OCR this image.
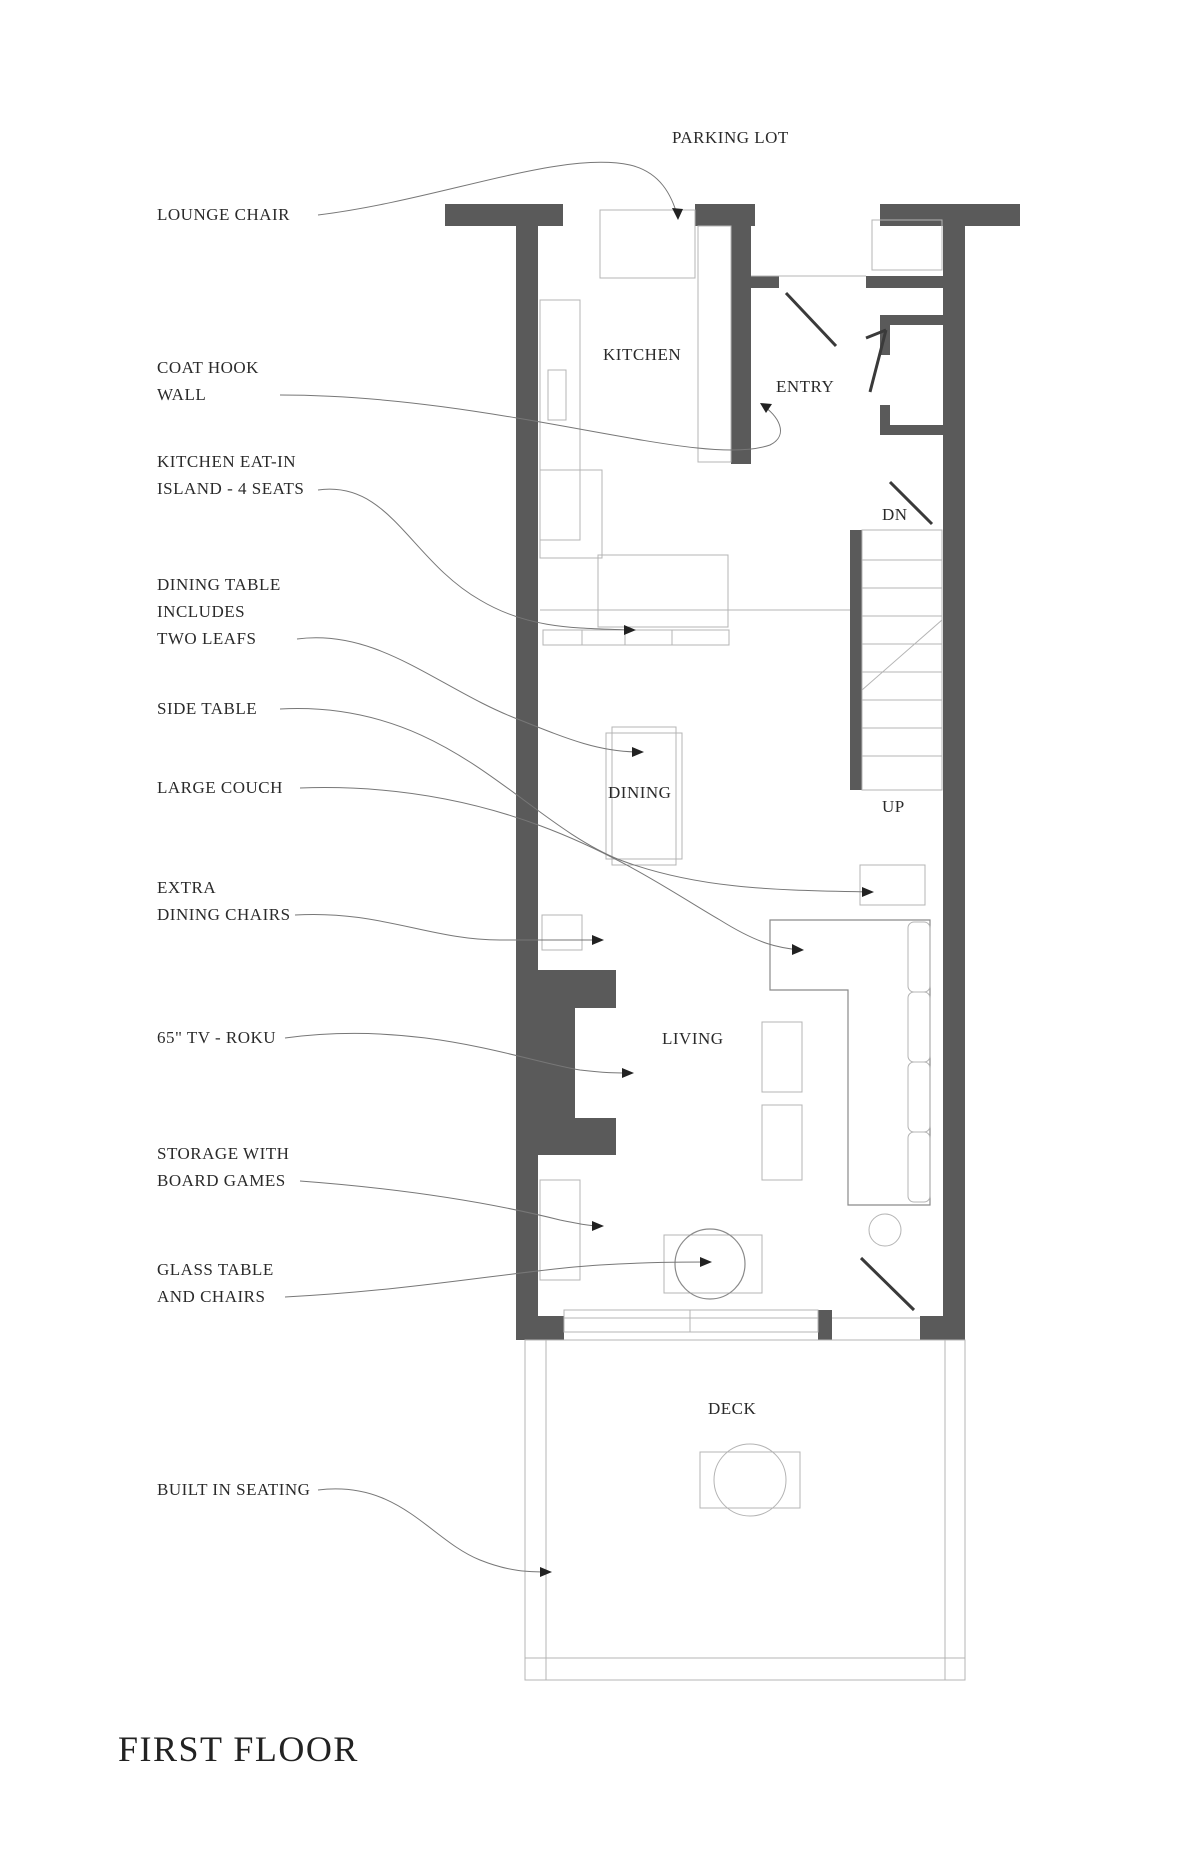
PARKING LOT
KITCHEN
ENTRY
DN
DINING
UP
LIVING
DECK
LOUNGE CHAIR
COAT HOOK
WALL
KITCHEN EAT-IN
ISLAND - 4 SEATS
DINING TABLE
INCLUDES
TWO LEAFS
SIDE TABLE
LARGE COUCH
EXTRA
DINING CHAIRS
65" TV - ROKU
STORAGE WITH
BOARD GAMES
GLASS TABLE
AND CHAIRS
BUILT IN SEATING
FIRST FLOOR
